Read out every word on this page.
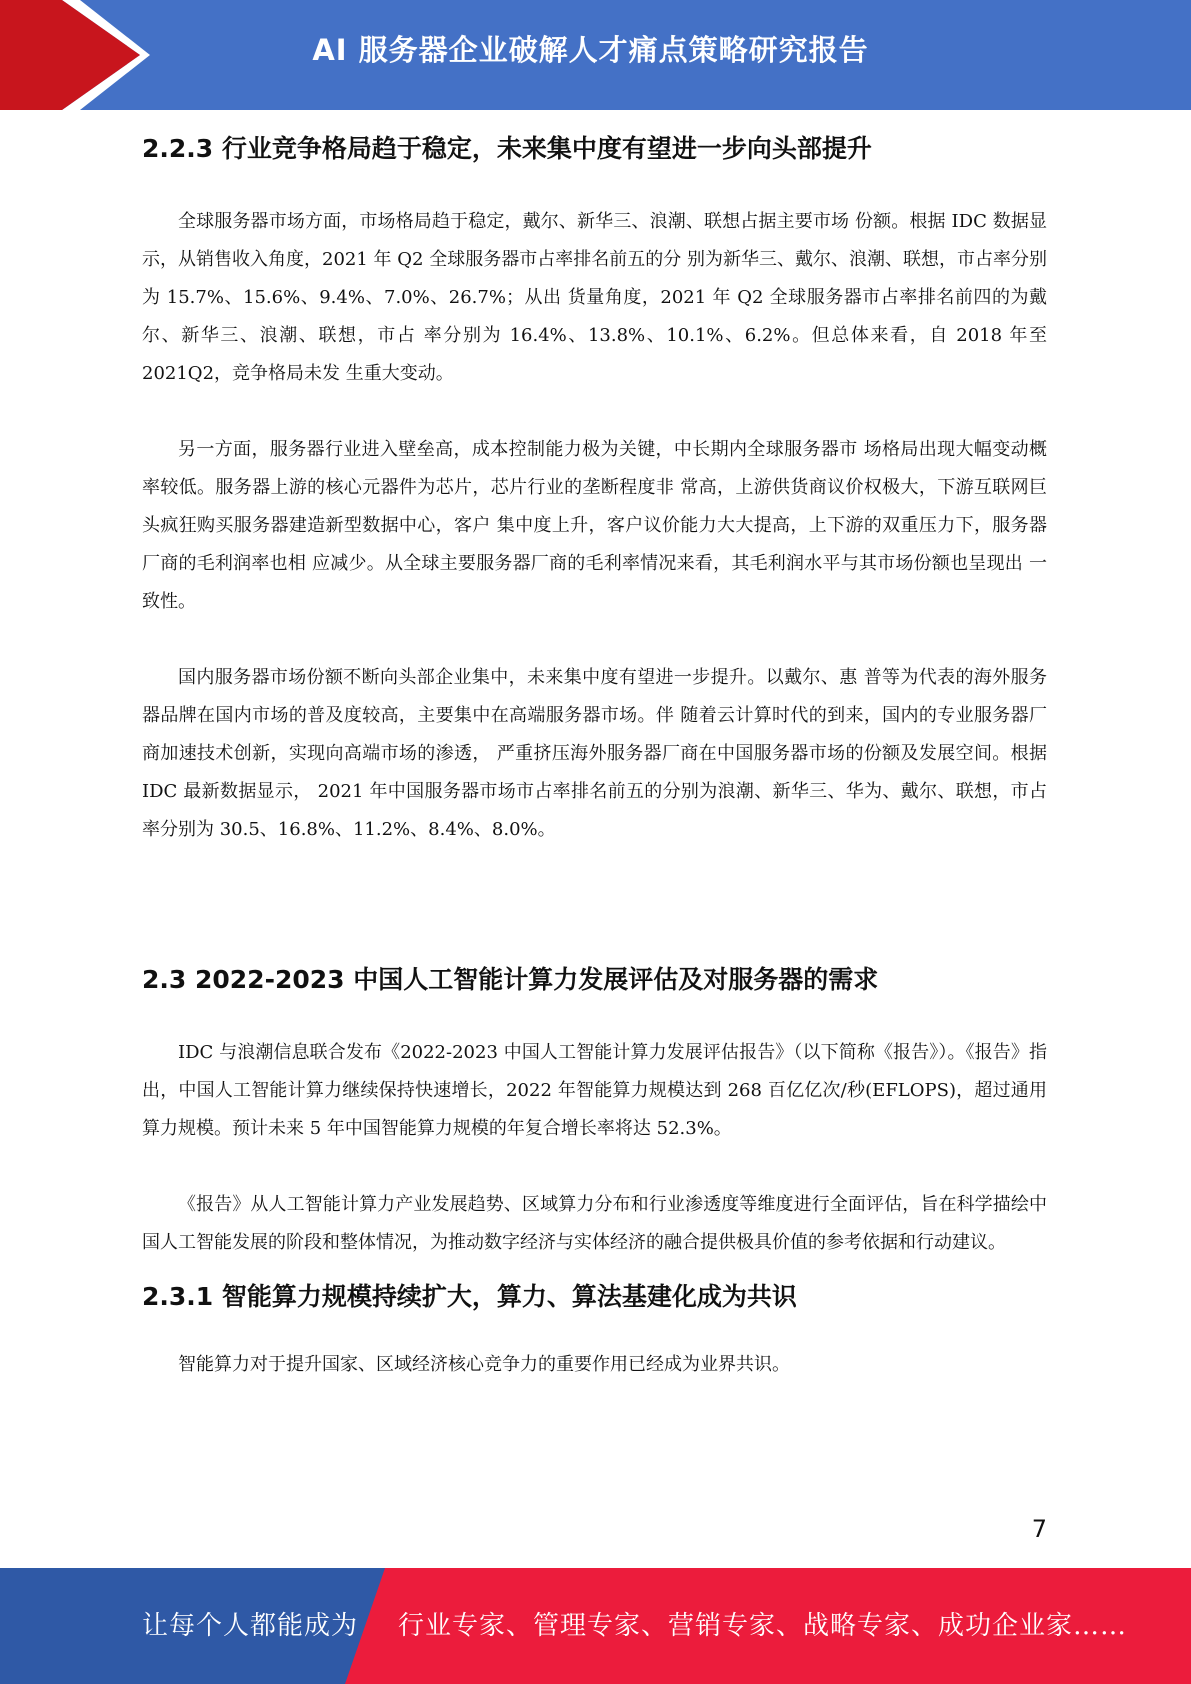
AI 服务器企业破解人才痛点策略研究报告
2.2.3 行业竞争格局趋于稳定，未来集中度有望进一步向头部提升

全球服务器市场方面，市场格局趋于稳定，戴尔、新华三、浪潮、联想占据主要市场 份额。根据 IDC 数据显示，从销售收入角度，2021 年 Q2 全球服务器市占率排名前五的分 别为新华三、戴尔、浪潮、联想，市占率分别为 15.7%、15.6%、9.4%、7.0%、26.7%；从出 货量角度，2021 年 Q2 全球服务器市占率排名前四的为戴尔、新华三、浪潮、联想，市占 率分别为 16.4%、13.8%、10.1%、6.2%。但总体来看，自 2018 年至 2021Q2，竞争格局未发 生重大变动。

另一方面，服务器行业进入壁垒高，成本控制能力极为关键，中长期内全球服务器市 场格局出现大幅变动概率较低。服务器上游的核心元器件为芯片，芯片行业的垄断程度非 常高，上游供货商议价权极大，下游互联网巨头疯狂购买服务器建造新型数据中心，客户 集中度上升，客户议价能力大大提高，上下游的双重压力下，服务器厂商的毛利润率也相 应减少。从全球主要服务器厂商的毛利率情况来看，其毛利润水平与其市场份额也呈现出 一致性。

国内服务器市场份额不断向头部企业集中，未来集中度有望进一步提升。以戴尔、惠 普等为代表的海外服务器品牌在国内市场的普及度较高，主要集中在高端服务器市场。伴 随着云计算时代的到来，国内的专业服务器厂商加速技术创新，实现向高端市场的渗透， 严重挤压海外服务器厂商在中国服务器市场的份额及发展空间。根据 IDC 最新数据显示， 2021 年中国服务器市场市占率排名前五的分别为浪潮、新华三、华为、戴尔、联想，市占 率分别为 30.5、16.8%、11.2%、8.4%、8.0%。

2.3 2022-2023 中国人工智能计算力发展评估及对服务器的需求

IDC 与浪潮信息联合发布《2022-2023 中国人工智能计算力发展评估报告》（以下简称《报告》）。《报告》指出，中国人工智能计算力继续保持快速增长，2022 年智能算力规模达到 268 百亿亿次/秒(EFLOPS)，超过通用算力规模。预计未来 5 年中国智能算力规模的年复合增长率将达 52.3%。

《报告》从人工智能计算力产业发展趋势、区域算力分布和行业渗透度等维度进行全面评估，旨在科学描绘中国人工智能发展的阶段和整体情况，为推动数字经济与实体经济的融合提供极具价值的参考依据和行动建议。

2.3.1 智能算力规模持续扩大，算力、算法基建化成为共识

智能算力对于提升国家、区域经济核心竞争力的重要作用已经成为业界共识。

7
让每个人都能成为 行业专家、管理专家、营销专家、战略专家、成功企业家……
